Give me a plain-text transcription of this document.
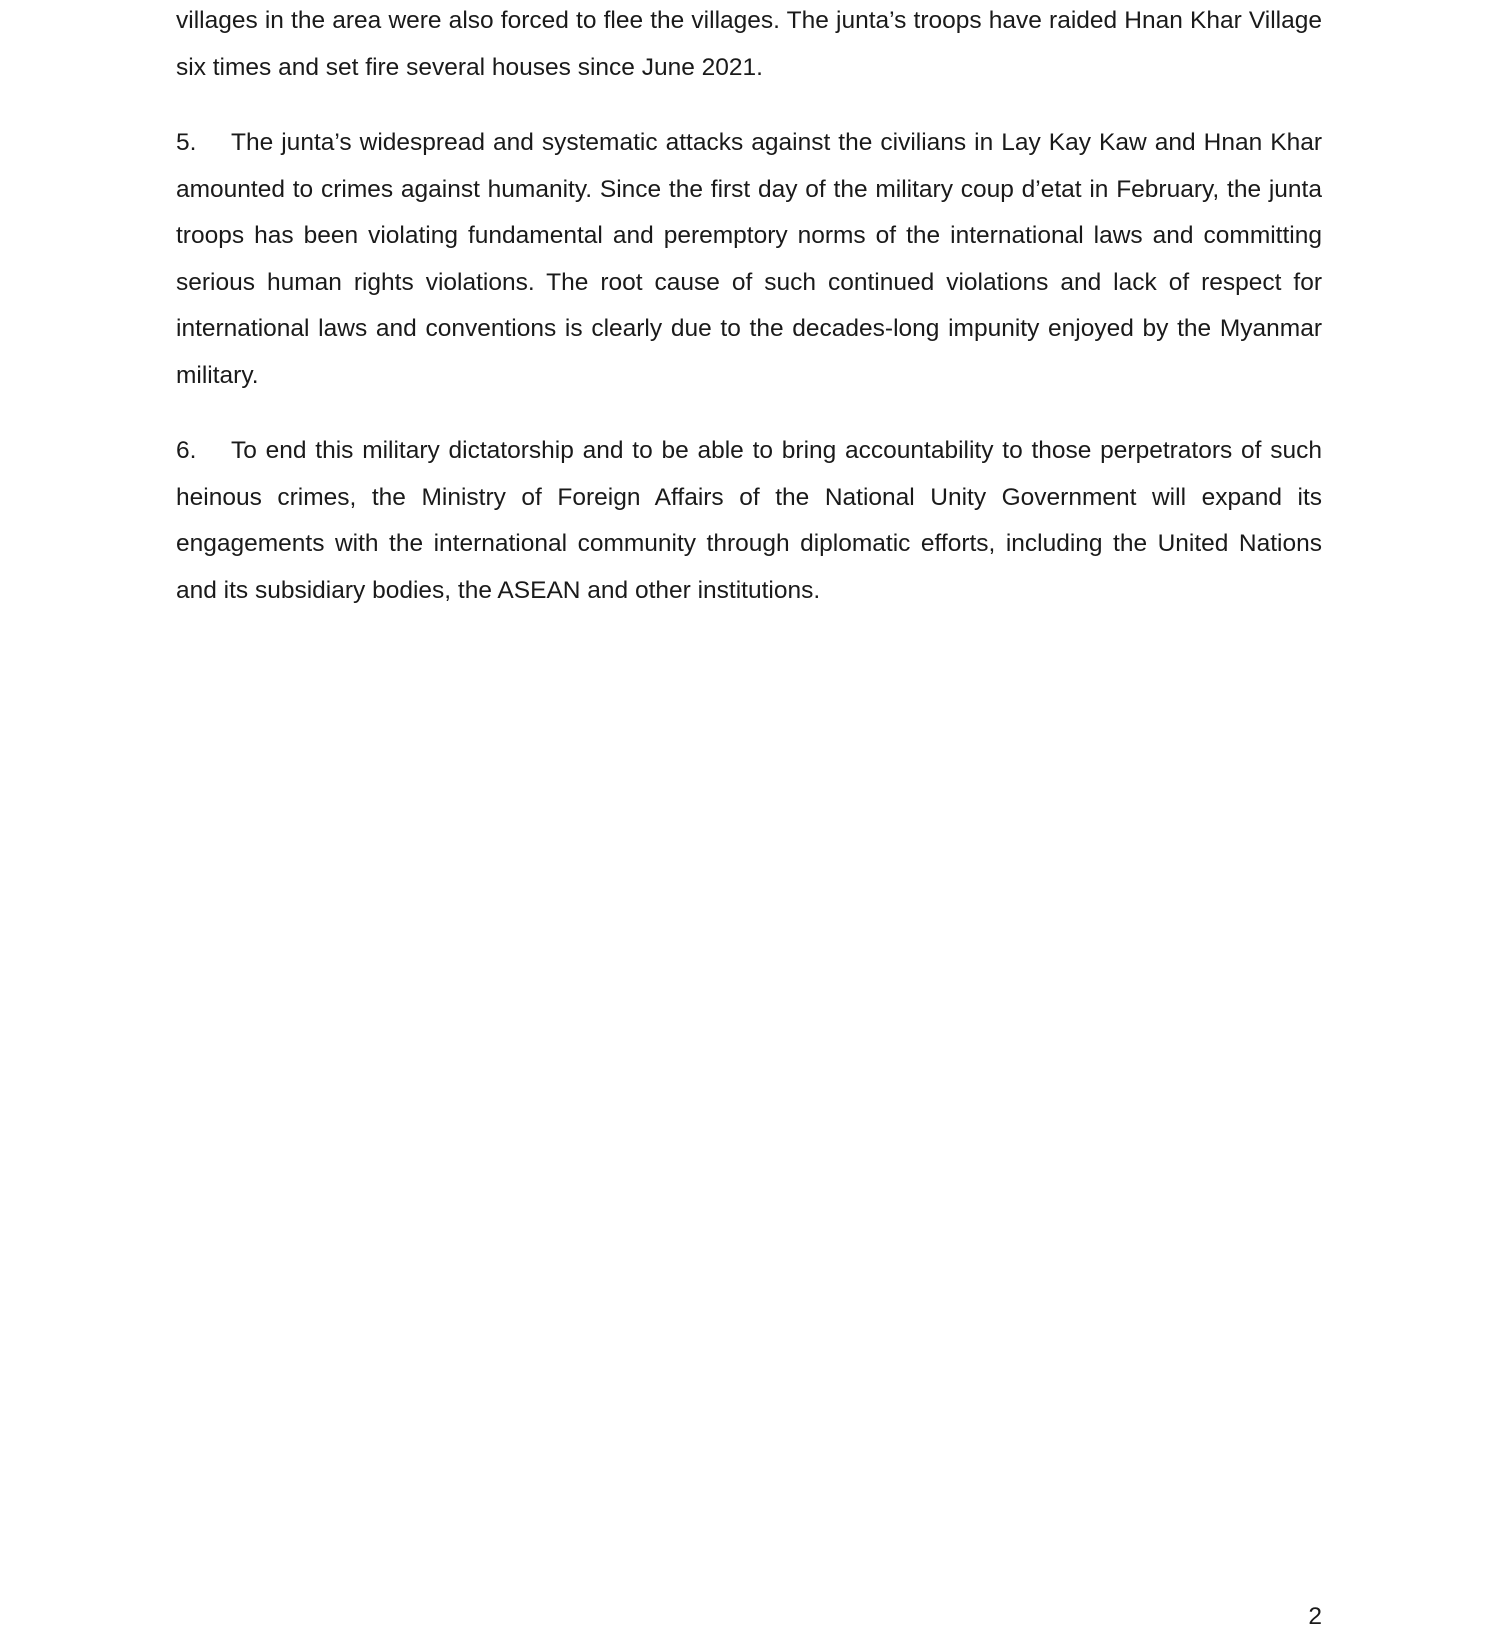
villages in the area were also forced to flee the villages. The junta’s troops have raided Hnan Khar Village six times and set fire several houses since June 2021.

5. The junta’s widespread and systematic attacks against the civilians in Lay Kay Kaw and Hnan Khar amounted to crimes against humanity. Since the first day of the military coup d’etat in February, the junta troops has been violating fundamental and peremptory norms of the international laws and committing serious human rights violations. The root cause of such continued violations and lack of respect for international laws and conventions is clearly due to the decades-long impunity enjoyed by the Myanmar military.

6. To end this military dictatorship and to be able to bring accountability to those perpetrators of such heinous crimes, the Ministry of Foreign Affairs of the National Unity Government will expand its engagements with the international community through diplomatic efforts, including the United Nations and its subsidiary bodies, the ASEAN and other institutions.

2
